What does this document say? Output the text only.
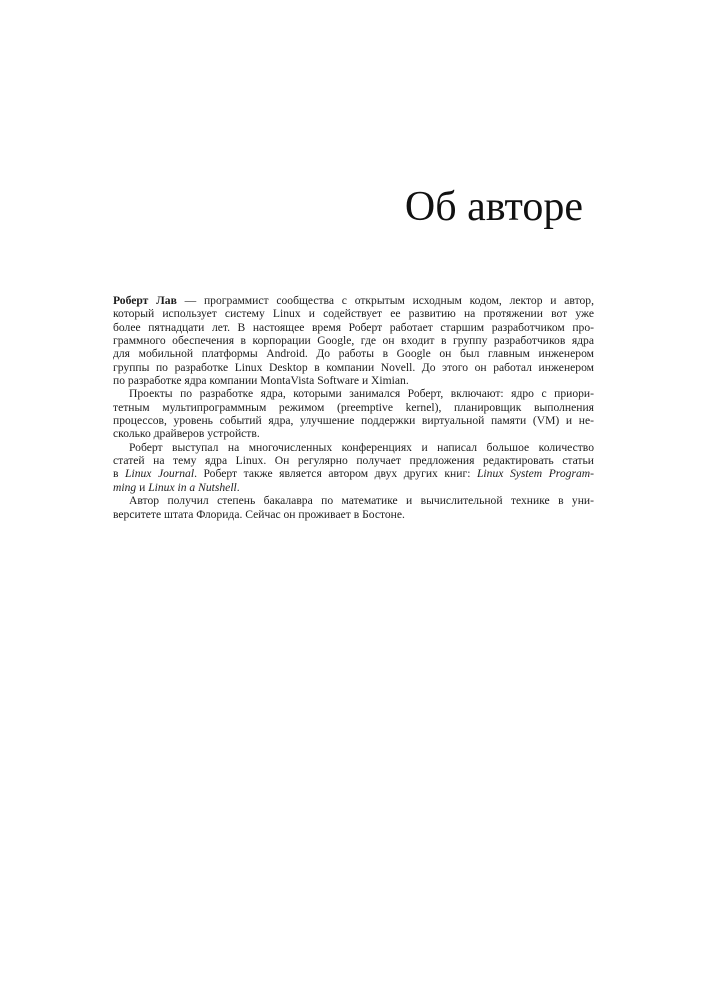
Об авторе

Роберт Лав — программист сообщества с открытым исходным кодом, лектор и автор,
который использует систему Linux и содействует ее развитию на протяжении вот уже
более пятнадцати лет. В настоящее время Роберт работает старшим разработчиком про-
граммного обеспечения в корпорации Google, где он входит в группу разработчиков ядра
для мобильной платформы Android. До работы в Google он был главным инженером
группы по разработке Linux Desktop в компании Novell. До этого он работал инженером
по разработке ядра компании MontaVista Software и Ximian.

Проекты по разработке ядра, которыми занимался Роберт, включают: ядро с приори-
тетным мультипрограммным режимом (preemptive kernel), планировщик выполнения
процессов, уровень событий ядра, улучшение поддержки виртуальной памяти (VM) и не-
сколько драйверов устройств.

Роберт выступал на многочисленных конференциях и написал большое количество
статей на тему ядра Linux. Он регулярно получает предложения редактировать статьи
в Linux Journal. Роберт также является автором двух других книг: Linux System Program-
ming и Linux in a Nutshell.

Автор получил степень бакалавра по математике и вычислительной технике в уни-
верситете штата Флорида. Сейчас он проживает в Бостоне.
